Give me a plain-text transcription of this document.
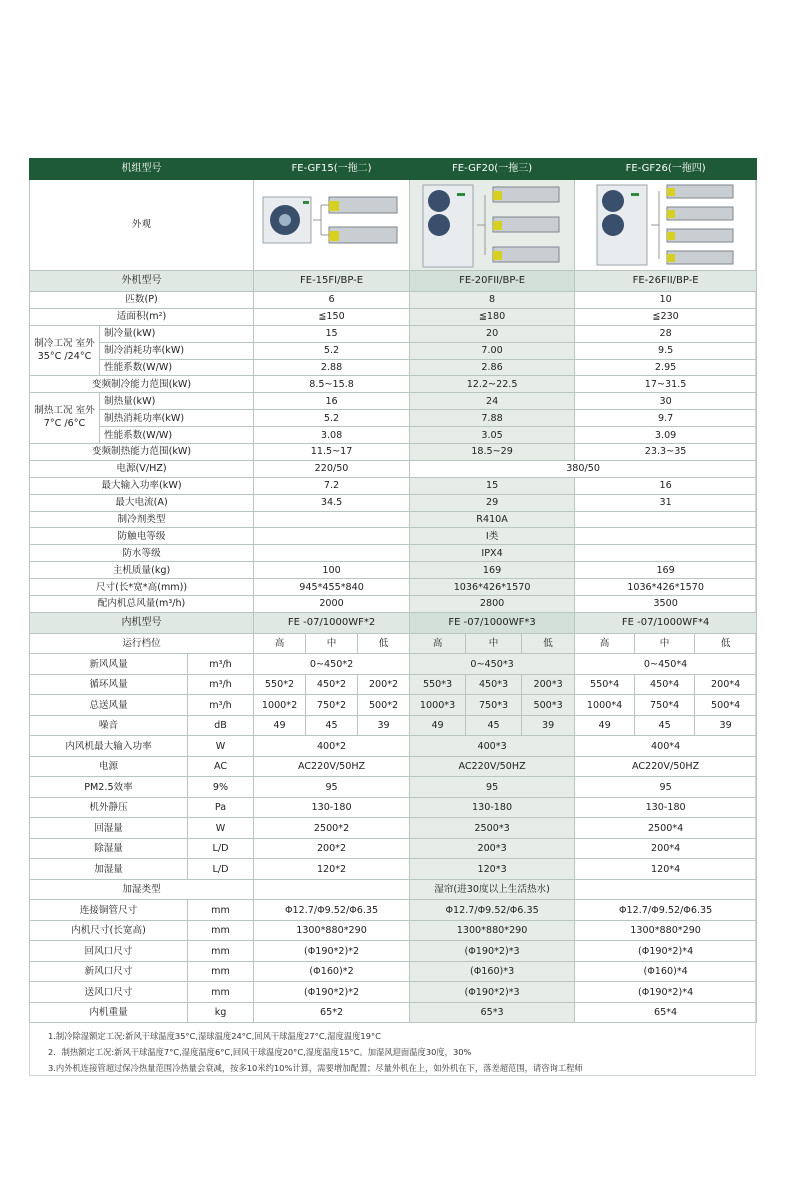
机组型号			FE-GF15(一拖二)			FE-GF20(一拖三)			FE-GF26(一拖四)		
外观	

外机型号			FE-15FI/BP-E			FE-20FII/BP-E			FE-26FII/BP-E		
匹数(P)			6			8			10		
适面积(m²)			≦150			≦180			≦230		
制冷工况 室外35°C /24°C	制冷量(kW)		15			20			28		
	制冷消耗功率(kW)		5.2			7.00			9.5		
	性能系数(W/W)		2.88			2.86			2.95		
变频制冷能力范围(kW)			8.5~15.8			12.2~22.5			17~31.5		
制热工况 室外7°C /6°C	制热量(kW)		16			24			30		
	制热消耗功率(kW)		5.2			7.88			9.7		
	性能系数(W/W)		3.08			3.05			3.09		
变频制热能力范围(kW)			11.5~17			18.5~29			23.3~35		
电源(V/HZ)			220/50			380/50					
最大输入功率(kW)			7.2			15			16		
最大电流(A)			34.5			29			31		
制冷剂类型						R410A					
防触电等级						I类					
防水等级						IPX4					
主机质量(kg)			100			169			169		
尺寸(长*宽*高(mm))			945*455*840			1036*426*1570			1036*426*1570		
配内机总风量(m³/h)			2000			2800			3500		
内机型号			FE -07/1000WF*2			FE -07/1000WF*3			FE -07/1000WF*4		
运行档位			高	中	低	高	中	低	高	中	低
新风风量		m³/h	0~450*2			0~450*3			0~450*4		
循环风量		m³/h	550*2	450*2	200*2	550*3	450*3	200*3	550*4	450*4	200*4
总送风量		m³/h	1000*2	750*2	500*2	1000*3	750*3	500*3	1000*4	750*4	500*4
噪音		dB	49	45	39	49	45	39	49	45	39
内风机最大输入功率		W	400*2			400*3			400*4		
电源		AC	AC220V/50HZ			AC220V/50HZ			AC220V/50HZ		
PM2.5效率		9%	95			95			95		
机外静压		Pa	130-180			130-180			130-180		
回湿量		W	2500*2			2500*3			2500*4		
除湿量		L/D	200*2			200*3			200*4		
加湿量		L/D	120*2			120*3			120*4		
加湿类型						湿帘(进30度以上生活热水)					
连接铜管尺寸		mm	Φ12.7/Φ9.52/Φ6.35			Φ12.7/Φ9.52/Φ6.35			Φ12.7/Φ9.52/Φ6.35		
内机尺寸(长宽高)		mm	1300*880*290			1300*880*290			1300*880*290		
回风口尺寸		mm	(Φ190*2)*2			(Φ190*2)*3			(Φ190*2)*4		
新风口尺寸		mm	(Φ160)*2			(Φ160)*3			(Φ160)*4		
送风口尺寸		mm	(Φ190*2)*2			(Φ190*2)*3			(Φ190*2)*4		
内机重量		kg	65*2			65*3			65*4		
1.制冷除湿额定工况:新风干球温度35°C,湿球温度24°C,回风干球温度27°C,湿度温度19°C
2．制热额定工况:新风干球温度7°C,湿度温度6°C,回风干球温度20°C,湿度温度15°C。加湿风迎面温度30度，30%
3.内外机连接管超过保冷热量范围冷热量会衰减，按多10米约10%计算，需要增加配置；尽量外机在上，如外机在下，落差超范围，请咨询工程师
